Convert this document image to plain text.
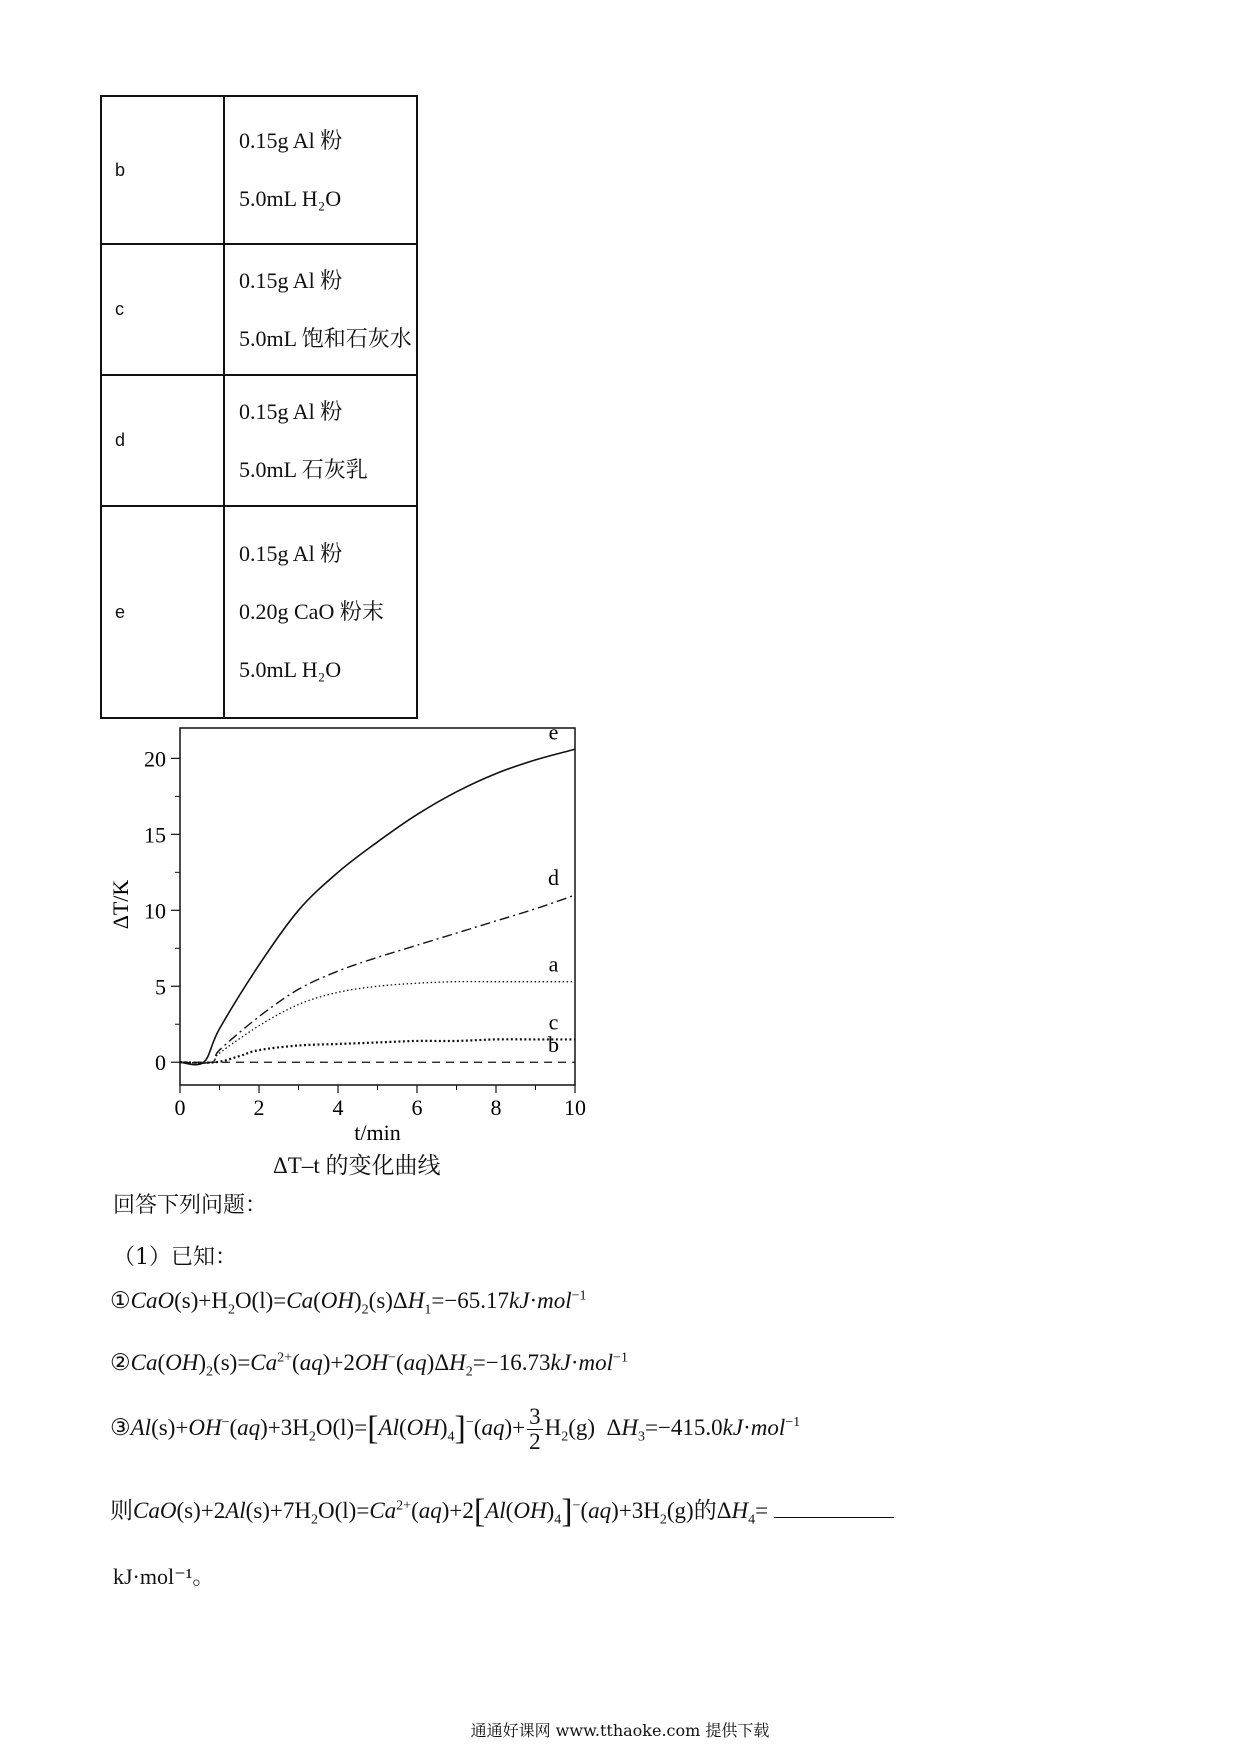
b	0.15g Al 粉
5.0mL H₂O

c	0.15g Al 粉
5.0mL 饱和石灰水

d	0.15g Al 粉
5.0mL 石灰乳

e	0.15g Al 粉
0.20g CaO 粉末
5.0mL H₂O
0	2	4	6	8	10
0
5
10
15
20
t/min
ΔT/K
e
d
a
c
b
ΔT–t 的变化曲线
回答下列问题：
（1）已知：
$①CaO(s)+H_2O(l)=Ca(OH)_2(s)\Delta H_1=-65.17kJ\cdot mol^{-1}$
$②Ca(OH)_2(s)=Ca^{2+}(aq)+2OH^-(aq)\Delta H_2=-16.73kJ\cdot mol^{-1}$
$③Al(s)+OH^-(aq)+3H_2O(l)=[Al(OH)_4]^-(aq)+ \frac{3}{2} H_2(g)$  $\Delta H_3=-415.0kJ\cdot mol^{-1}$
则$CaO(s)+2Al(s)+7H_2O(l)=Ca^{2+}(aq)+2[Al(OH)_4]^-(aq)+3H_2(g)$的$\Delta H_4=$
kJ·mol⁻¹。
通通好课网 www.tthaoke.com 提供下载
